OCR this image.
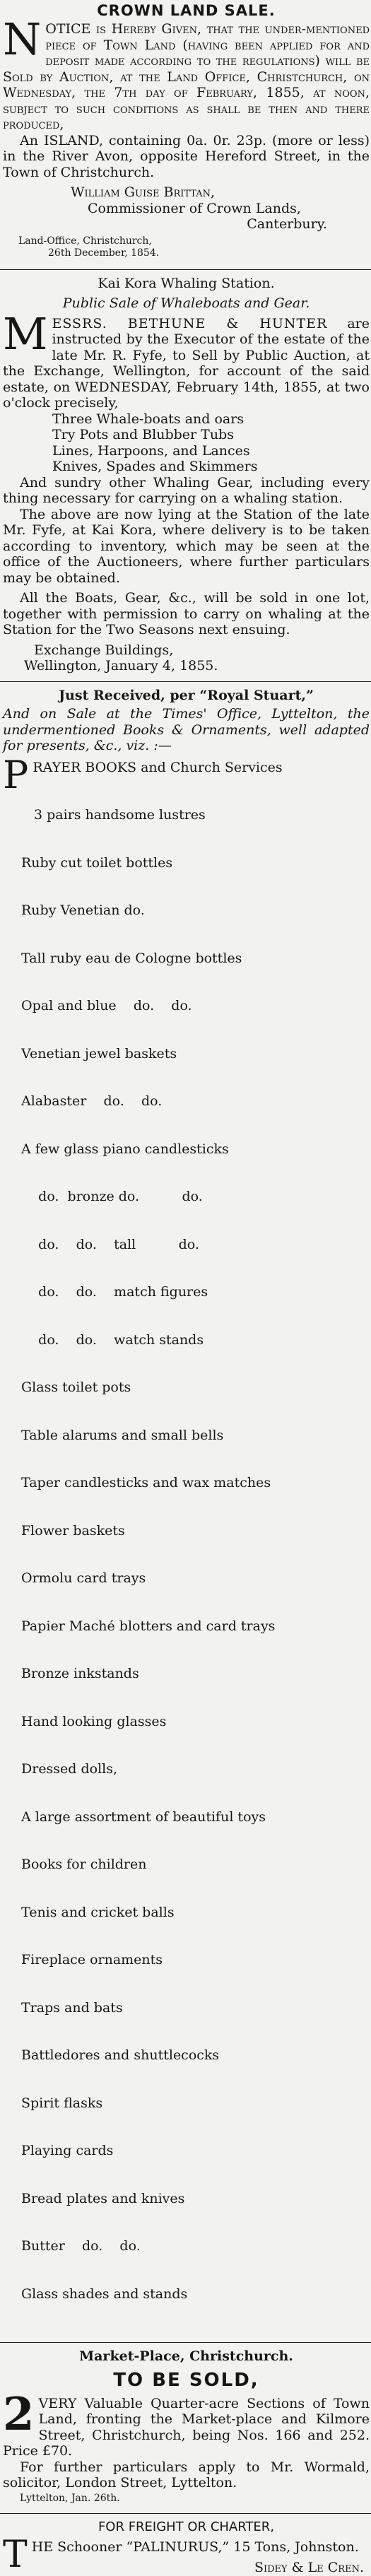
CROWN LAND SALE.
NOTICE is Hereby Given, that the under-mentioned piece of Town Land (having been applied for and deposit made according to the regulations) will be Sold by Auction, at the Land Office, Christchurch, on Wednesday, the 7th day of February, 1855, at noon, subject to such conditions as shall be then and there produced,
An ISLAND, containing 0a. 0r. 23p. (more or less) in the River Avon, opposite Hereford Street, in the Town of Christchurch.
William Guise Brittan,
Commissioner of Crown Lands,
Canterbury.
Land-Office, Christchurch,
26th December, 1854.
Kai Kora Whaling Station.
Public Sale of Whaleboats and Gear.
MESSRS. BETHUNE & HUNTER are instructed by the Executor of the estate of the late Mr. R. Fyfe, to Sell by Public Auction, at the Exchange, Wellington, for account of the said estate, on WEDNESDAY, February 14th, 1855, at two o'clock precisely,
Three Whale-boats and oars
Try Pots and Blubber Tubs
Lines, Harpoons, and Lances
Knives, Spades and Skimmers
And sundry other Whaling Gear, including every thing necessary for carrying on a whaling station.
The above are now lying at the Station of the late Mr. Fyfe, at Kai Kora, where delivery is to be taken according to inventory, which may be seen at the office of the Auctioneers, where further particulars may be obtained.
All the Boats, Gear, &c., will be sold in one lot, together with permission to carry on whaling at the Station for the Two Seasons next ensuing.
Exchange Buildings,
Wellington, January 4, 1855.
Just Received, per “Royal Stuart,”
And on Sale at the Times' Office, Lyttelton, the undermentioned Books & Ornaments, well adapted for presents, &c., viz. :—
PRAYER BOOKS and Church Services

3 pairs handsome lustres

Ruby cut toilet bottles

Ruby Venetian do.

Tall ruby eau de Cologne bottles

Opal and blue    do.    do.

Venetian jewel baskets

Alabaster    do.    do.

A few glass piano candlesticks

do.  bronze do.          do.

do.    do.    tall          do.

do.    do.    match figures

do.    do.    watch stands

Glass toilet pots

Table alarums and small bells

Taper candlesticks and wax matches

Flower baskets

Ormolu card trays

Papier Maché blotters and card trays

Bronze inkstands

Hand looking glasses

Dressed dolls,

A large assortment of beautiful toys

Books for children

Tenis and cricket balls

Fireplace ornaments

Traps and bats

Battledores and shuttlecocks

Spirit flasks

Playing cards

Bread plates and knives

Butter    do.    do.

Glass shades and stands

Market-Place, Christchurch.
TO BE SOLD,
2 VERY Valuable Quarter-acre Sections of Town Land, fronting the Market-place and Kilmore Street, Christchurch, being Nos. 166 and 252. Price £70.
For further particulars apply to Mr. Wormald, solicitor, London Street, Lyttelton.
Lyttelton, Jan. 26th.
FOR FREIGHT OR CHARTER,
THE Schooner “PALINURUS,” 15 Tons, Johnston.
Sidey & Le Cren.
